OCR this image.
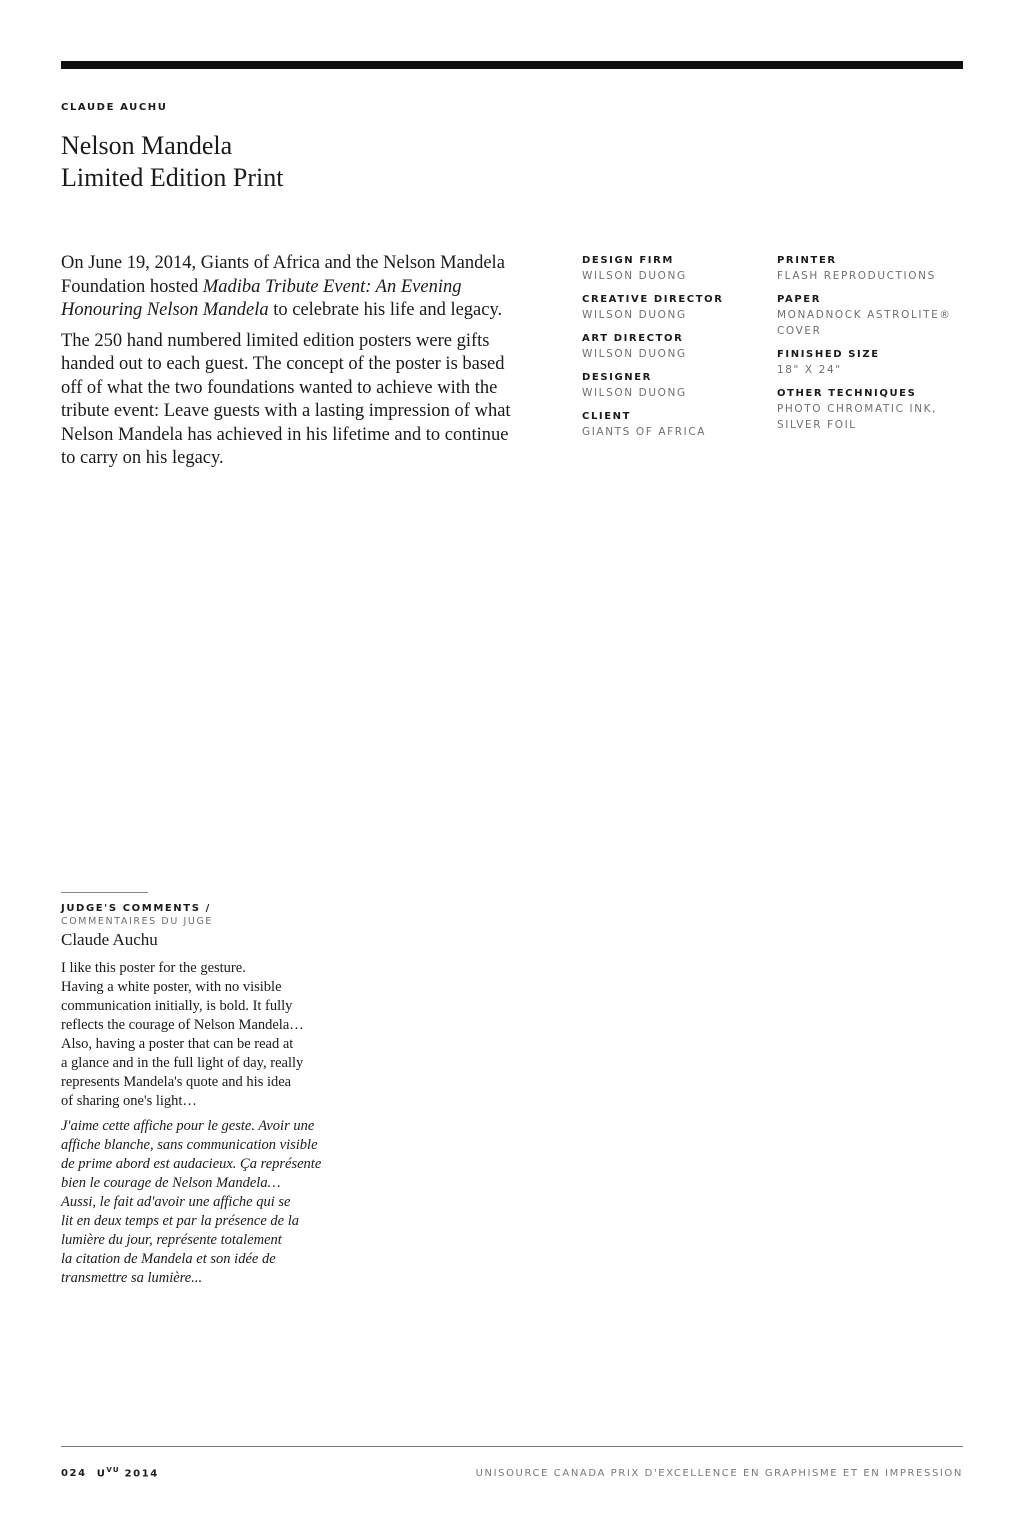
CLAUDE AUCHU
Nelson Mandela
Limited Edition Print

On June 19, 2014, Giants of Africa and the Nelson Mandela Foundation hosted Madiba Tribute Event: An Evening Honouring Nelson Mandela to celebrate his life and legacy.

The 250 hand numbered limited edition posters were gifts handed out to each guest. The concept of the poster is based off of what the two foundations wanted to achieve with the tribute event: Leave guests with a lasting impression of what Nelson Mandela has achieved in his lifetime and to continue to carry on his legacy.

DESIGN FIRM
WILSON DUONG
CREATIVE DIRECTOR
WILSON DUONG
ART DIRECTOR
WILSON DUONG
DESIGNER
WILSON DUONG
CLIENT
GIANTS OF AFRICA
PRINTER
FLASH REPRODUCTIONS
PAPER
MONADNOCK ASTROLITE®
COVER
FINISHED SIZE
18" X 24"
OTHER TECHNIQUES
PHOTO CHROMATIC INK,
SILVER FOIL
JUDGE'S COMMENTS /
COMMENTAIRES DU JUGE
Claude Auchu

I like this poster for the gesture.
Having a white poster, with no visible
communication initially, is bold. It fully
reflects the courage of Nelson Mandela…
Also, having a poster that can be read at
a glance and in the full light of day, really
represents Mandela's quote and his idea
of sharing one's light…

J'aime cette affiche pour le geste. Avoir une
affiche blanche, sans communication visible
de prime abord est audacieux. Ça représente
bien le courage de Nelson Mandela…
Aussi, le fait ad'avoir une affiche qui se
lit en deux temps et par la présence de la
lumière du jour, représente totalement
la citation de Mandela et son idée de
transmettre sa lumière...

024 $U^{VU}$ 2014	UNISOURCE CANADA PRIX D'EXCELLENCE EN GRAPHISME ET EN IMPRESSION
